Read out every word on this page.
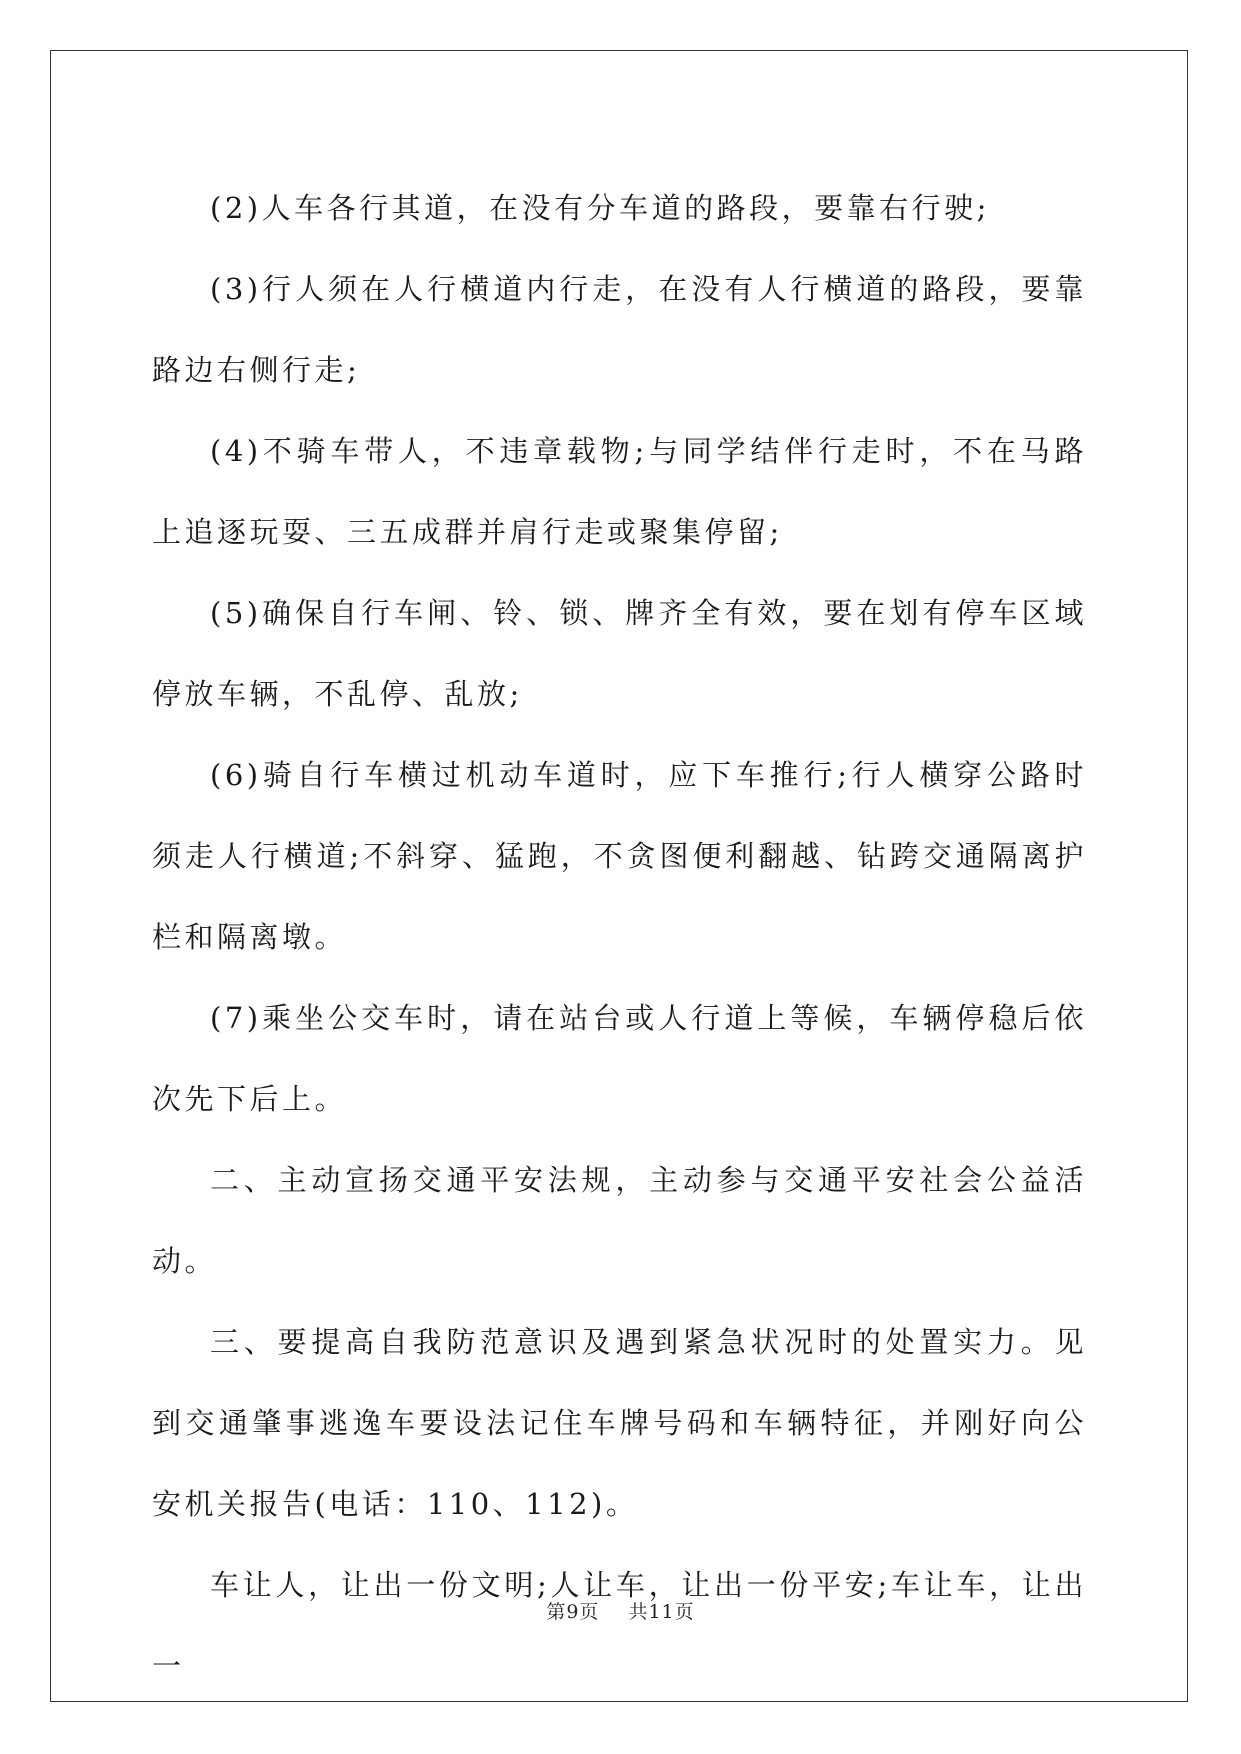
(2)人车各行其道，在没有分车道的路段，要靠右行驶;

(3)行人须在人行横道内行走，在没有人行横道的路段，要靠路边右侧行走;

(4)不骑车带人，不违章载物;与同学结伴行走时，不在马路上追逐玩耍、三五成群并肩行走或聚集停留;

(5)确保自行车闸、铃、锁、牌齐全有效，要在划有停车区域停放车辆，不乱停、乱放;

(6)骑自行车横过机动车道时，应下车推行;行人横穿公路时须走人行横道;不斜穿、猛跑，不贪图便利翻越、钻跨交通隔离护栏和隔离墩。

(7)乘坐公交车时，请在站台或人行道上等候，车辆停稳后依次先下后上。

二、主动宣扬交通平安法规，主动参与交通平安社会公益活动。

三、要提高自我防范意识及遇到紧急状况时的处置实力。见到交通肇事逃逸车要设法记住车牌号码和车辆特征，并刚好向公安机关报告(电话：110、112)。

车让人，让出一份文明;人让车，让出一份平安;车让车，让出一

第9页 共11页
